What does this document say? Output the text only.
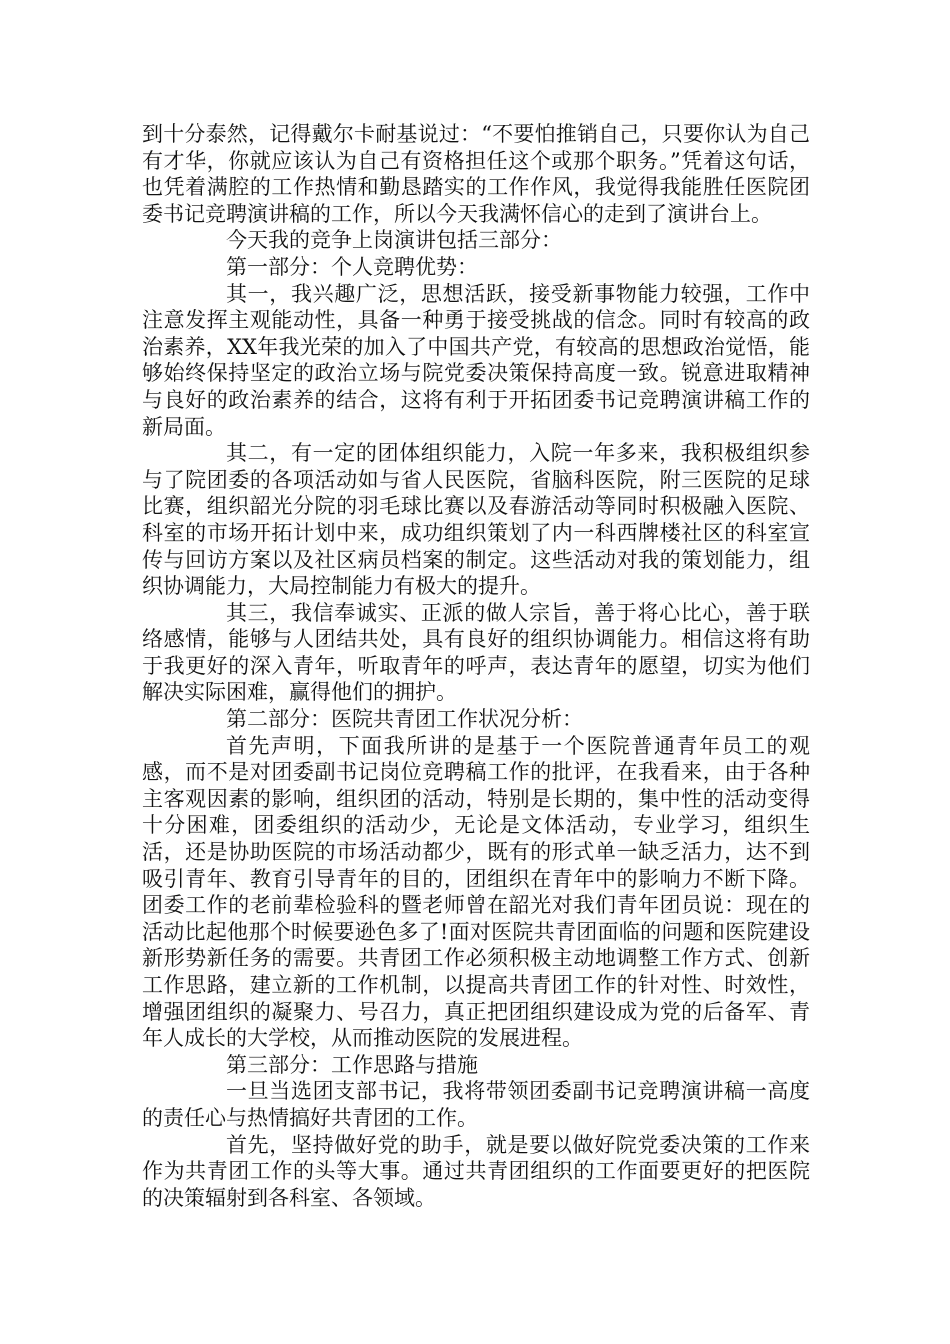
到十分泰然，记得戴尔卡耐基说过：“不要怕推销自己，只要你认为自己有才华，你就应该认为自己有资格担任这个或那个职务。”凭着这句话，也凭着满腔的工作热情和勤恳踏实的工作作风，我觉得我能胜任医院团委书记竞聘演讲稿的工作，所以今天我满怀信心的走到了演讲台上。

今天我的竞争上岗演讲包括三部分：

第一部分：个人竞聘优势：

其一，我兴趣广泛，思想活跃，接受新事物能力较强，工作中注意发挥主观能动性，具备一种勇于接受挑战的信念。同时有较高的政治素养，XX年我光荣的加入了中国共产党，有较高的思想政治觉悟，能够始终保持坚定的政治立场与院党委决策保持高度一致。锐意进取精神与良好的政治素养的结合，这将有利于开拓团委书记竞聘演讲稿工作的新局面。

其二，有一定的团体组织能力，入院一年多来，我积极组织参与了院团委的各项活动如与省人民医院，省脑科医院，附三医院的足球比赛，组织韶光分院的羽毛球比赛以及春游活动等同时积极融入医院、科室的市场开拓计划中来，成功组织策划了内一科西牌楼社区的科室宣传与回访方案以及社区病员档案的制定。这些活动对我的策划能力，组织协调能力，大局控制能力有极大的提升。

其三，我信奉诚实、正派的做人宗旨，善于将心比心，善于联络感情，能够与人团结共处，具有良好的组织协调能力。相信这将有助于我更好的深入青年，听取青年的呼声，表达青年的愿望，切实为他们解决实际困难，赢得他们的拥护。

第二部分：医院共青团工作状况分析：

首先声明，下面我所讲的是基于一个医院普通青年员工的观感，而不是对团委副书记岗位竞聘稿工作的批评，在我看来，由于各种主客观因素的影响，组织团的活动，特别是长期的，集中性的活动变得十分困难，团委组织的活动少，无论是文体活动，专业学习，组织生活，还是协助医院的市场活动都少，既有的形式单一缺乏活力，达不到吸引青年、教育引导青年的目的，团组织在青年中的影响力不断下降。团委工作的老前辈检验科的暨老师曾在韶光对我们青年团员说：现在的活动比起他那个时候要逊色多了!面对医院共青团面临的问题和医院建设新形势新任务的需要。共青团工作必须积极主动地调整工作方式、创新工作思路，建立新的工作机制，以提高共青团工作的针对性、时效性，增强团组织的凝聚力、号召力，真正把团组织建设成为党的后备军、青年人成长的大学校，从而推动医院的发展进程。

第三部分：工作思路与措施

一旦当选团支部书记，我将带领团委副书记竞聘演讲稿一高度的责任心与热情搞好共青团的工作。

首先，坚持做好党的助手，就是要以做好院党委决策的工作来作为共青团工作的头等大事。通过共青团组织的工作面要更好的把医院的决策辐射到各科室、各领域。
